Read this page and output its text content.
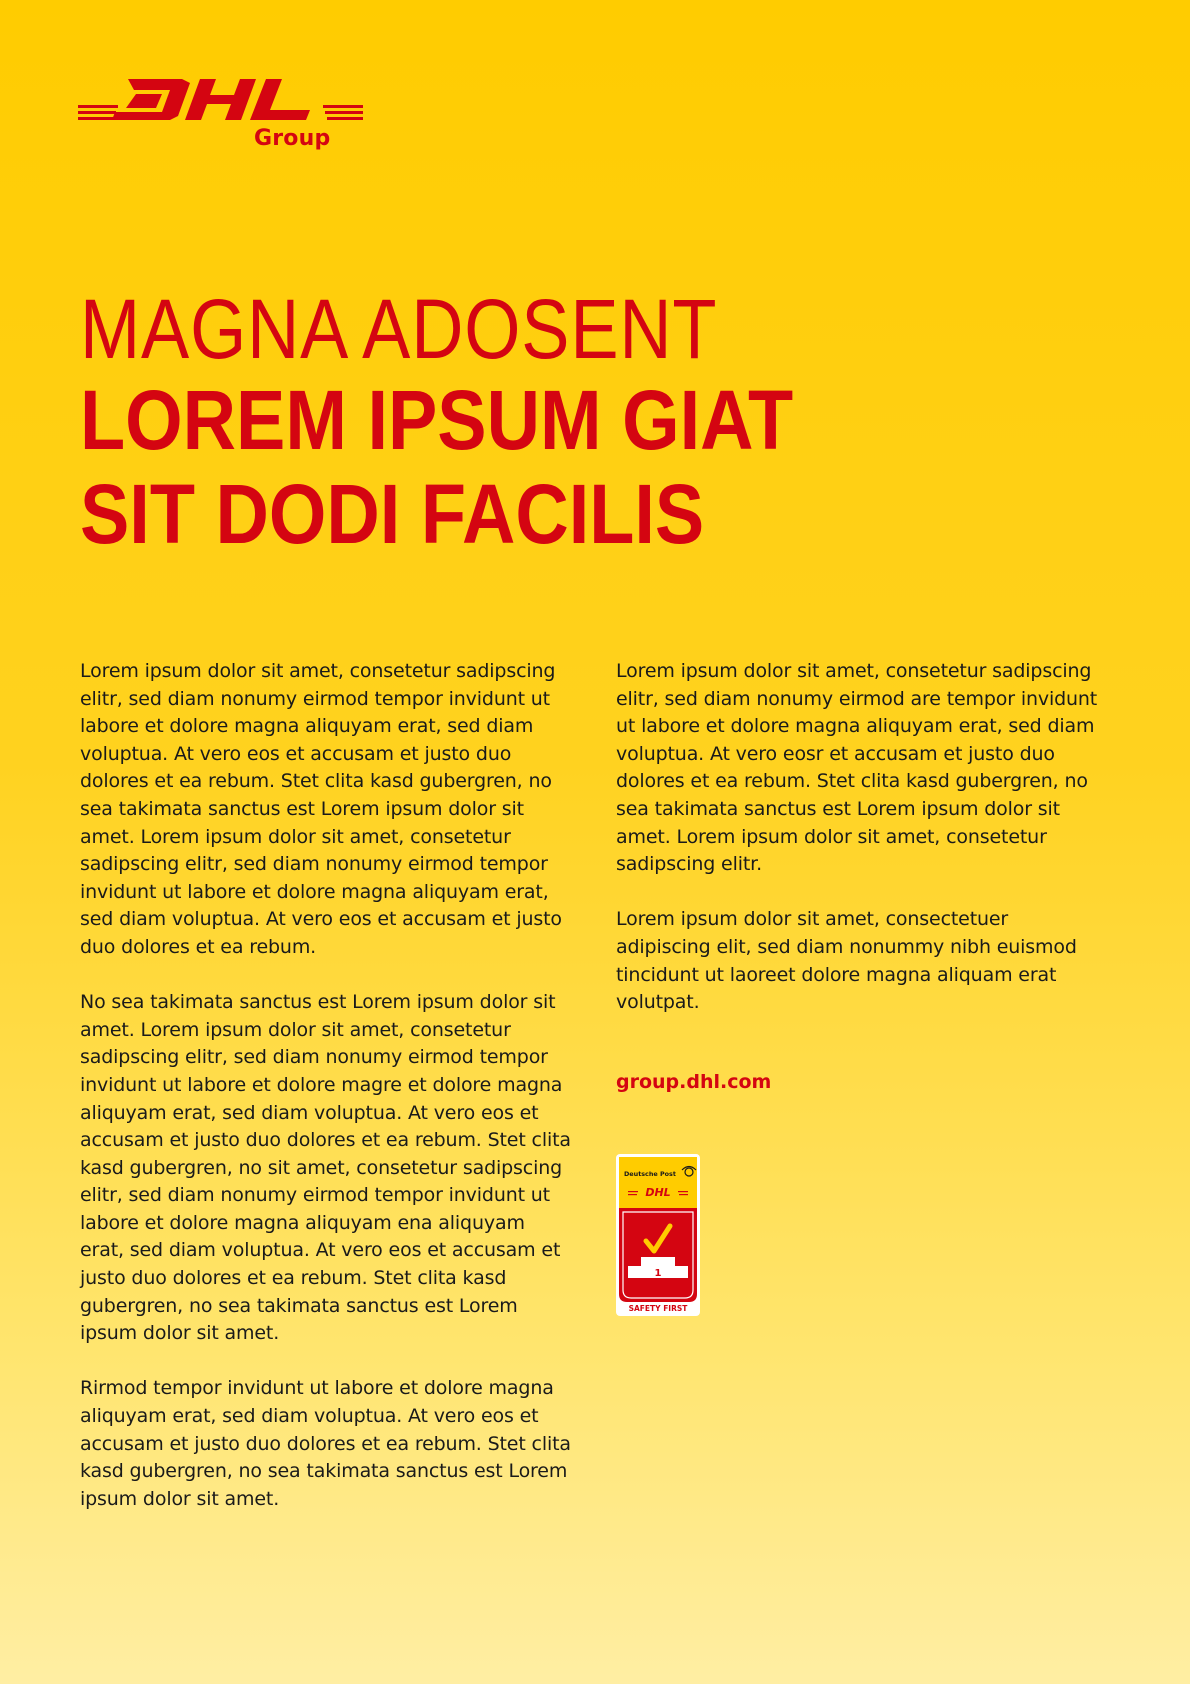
Group
MAGNA ADOSENT
LOREM IPSUM GIAT
SIT DODI FACILIS

Lorem ipsum dolor sit amet, consetetur sadipscing
elitr, sed diam nonumy eirmod tempor invidunt ut
labore et dolore magna aliquyam erat, sed diam
voluptua. At vero eos et accusam et justo duo
dolores et ea rebum. Stet clita kasd gubergren, no
sea takimata sanctus est Lorem ipsum dolor sit
amet. Lorem ipsum dolor sit amet, consetetur
sadipscing elitr, sed diam nonumy eirmod tempor
invidunt ut labore et dolore magna aliquyam erat,
sed diam voluptua. At vero eos et accusam et justo
duo dolores et ea rebum.

No sea takimata sanctus est Lorem ipsum dolor sit
amet. Lorem ipsum dolor sit amet, consetetur
sadipscing elitr, sed diam nonumy eirmod tempor
invidunt ut labore et dolore magre et dolore magna
aliquyam erat, sed diam voluptua. At vero eos et
accusam et justo duo dolores et ea rebum. Stet clita
kasd gubergren, no sit amet, consetetur sadipscing
elitr, sed diam nonumy eirmod tempor invidunt ut
labore et dolore magna aliquyam ena aliquyam
erat, sed diam voluptua. At vero eos et accusam et
justo duo dolores et ea rebum. Stet clita kasd
gubergren, no sea takimata sanctus est Lorem
ipsum dolor sit amet.

Rirmod tempor invidunt ut labore et dolore magna
aliquyam erat, sed diam voluptua. At vero eos et
accusam et justo duo dolores et ea rebum. Stet clita
kasd gubergren, no sea takimata sanctus est Lorem
ipsum dolor sit amet.

Lorem ipsum dolor sit amet, consetetur sadipscing
elitr, sed diam nonumy eirmod are tempor invidunt
ut labore et dolore magna aliquyam erat, sed diam
voluptua. At vero eosr et accusam et justo duo
dolores et ea rebum. Stet clita kasd gubergren, no
sea takimata sanctus est Lorem ipsum dolor sit
amet. Lorem ipsum dolor sit amet, consetetur
sadipscing elitr.

Lorem ipsum dolor sit amet, consectetuer
adipiscing elit, sed diam nonummy nibh euismod
tincidunt ut laoreet dolore magna aliquam erat
volutpat.

group.dhl.com
Deutsche Post
DHL
1
SAFETY FIRST
